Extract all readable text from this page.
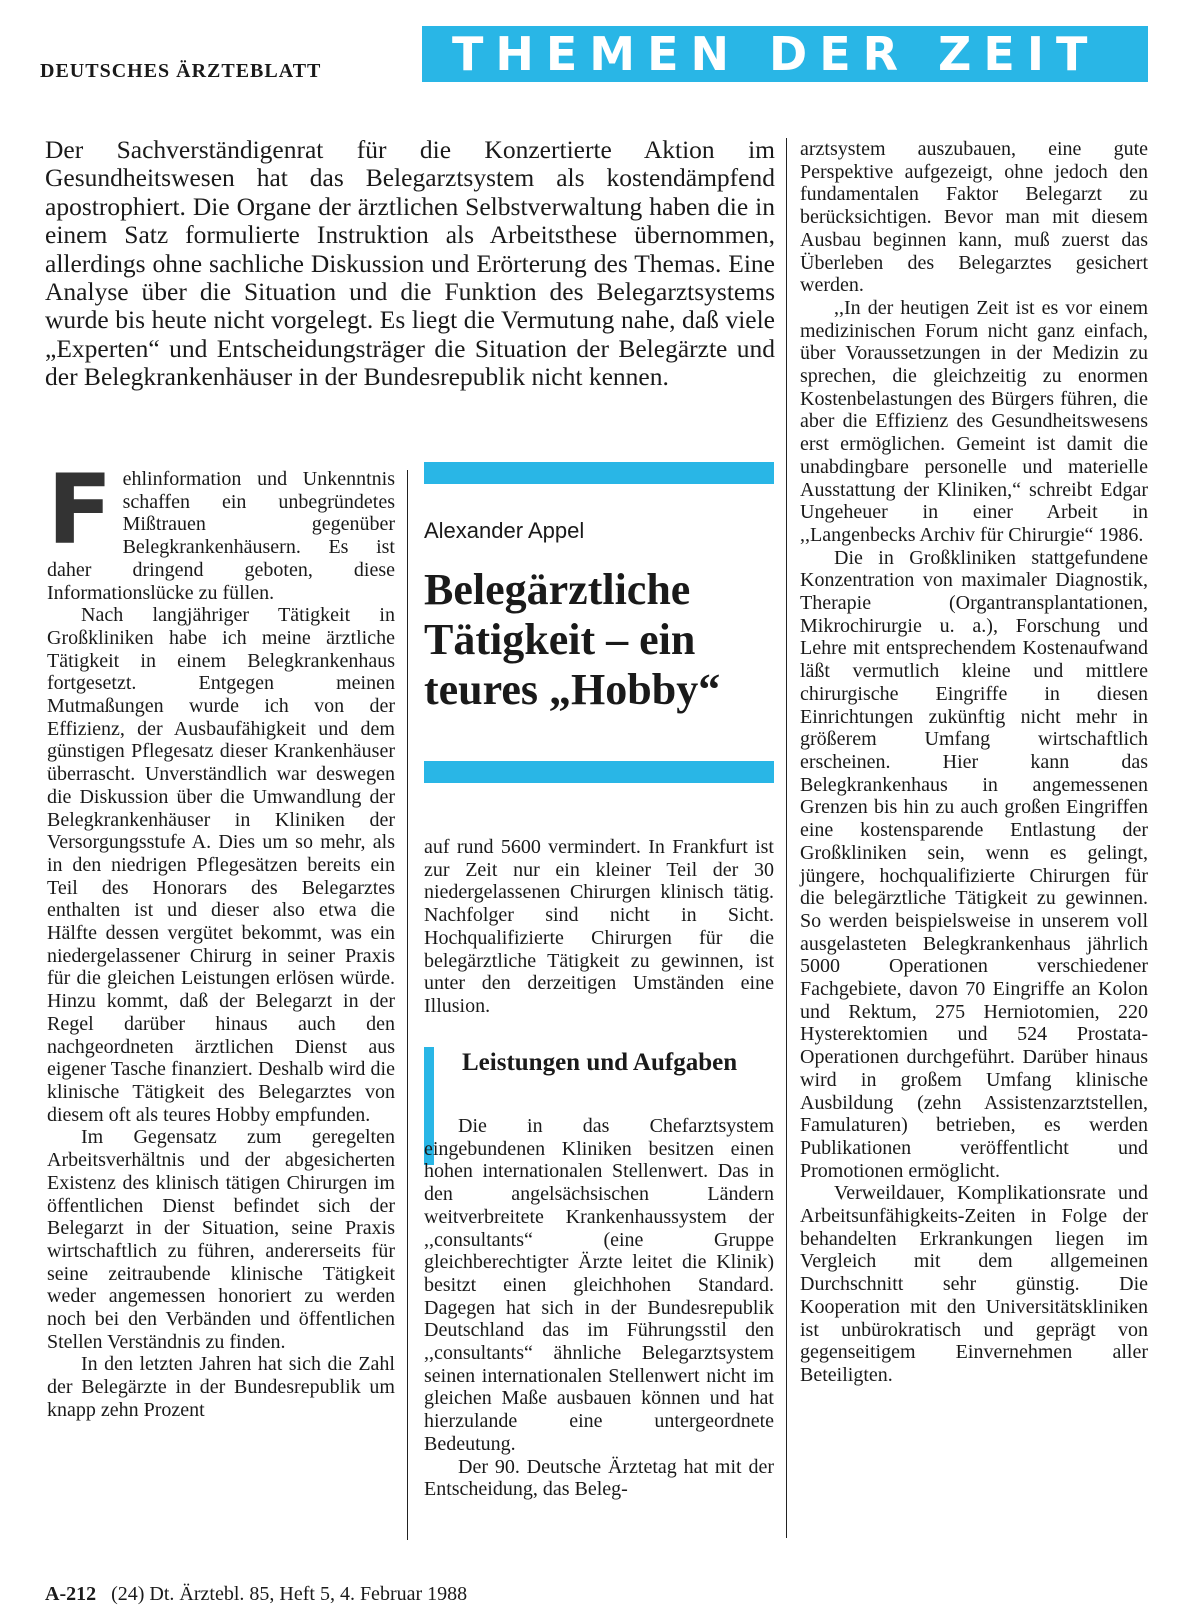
DEUTSCHES ÄRZTEBLATT	THEMEN DER ZEIT

Der Sachverständigenrat für die Konzertierte Aktion im Gesundheitswesen hat das Belegarztsystem als kostendämpfend apostrophiert. Die Organe der ärztlichen Selbstverwaltung haben die in einem Satz formulierte Instruktion als Arbeitsthese übernommen, allerdings ohne sachliche Diskussion und Erörterung des Themas. Eine Analyse über die Situation und die Funktion des Belegarztsystems wurde bis heute nicht vorgelegt. Es liegt die Vermutung nahe, daß viele „Experten“ und Entscheidungsträger die Situation der Belegärzte und der Belegkrankenhäuser in der Bundesrepublik nicht kennen.

Fehlinformation und Unkenntnis schaffen ein unbegründetes Mißtrauen gegenüber Belegkrankenhäusern. Es ist daher dringend geboten, diese Informationslücke zu füllen.

Nach langjähriger Tätigkeit in Großkliniken habe ich meine ärztliche Tätigkeit in einem Belegkrankenhaus fortgesetzt. Entgegen meinen Mutmaßungen wurde ich von der Effizienz, der Ausbaufähigkeit und dem günstigen Pflegesatz dieser Krankenhäuser überrascht. Unverständlich war deswegen die Diskussion über die Umwandlung der Belegkrankenhäuser in Kliniken der Versorgungsstufe A. Dies um so mehr, als in den niedrigen Pflegesätzen bereits ein Teil des Honorars des Belegarztes enthalten ist und dieser also etwa die Hälfte dessen vergütet bekommt, was ein niedergelassener Chirurg in seiner Praxis für die gleichen Leistungen erlösen würde. Hinzu kommt, daß der Belegarzt in der Regel darüber hinaus auch den nachgeordneten ärztlichen Dienst aus eigener Tasche finanziert. Deshalb wird die klinische Tätigkeit des Belegarztes von diesem oft als teures Hobby empfunden.

Im Gegensatz zum geregelten Arbeitsverhältnis und der abgesicherten Existenz des klinisch tätigen Chirurgen im öffentlichen Dienst befindet sich der Belegarzt in der Situation, seine Praxis wirtschaftlich zu führen, andererseits für seine zeitraubende klinische Tätigkeit weder angemessen honoriert zu werden noch bei den Verbänden und öffentlichen Stellen Verständnis zu finden.

In den letzten Jahren hat sich die Zahl der Belegärzte in der Bundesrepublik um knapp zehn Prozent

Alexander Appel
Belegärztliche Tätigkeit – ein teures „Hobby“

auf rund 5600 vermindert. In Frankfurt ist zur Zeit nur ein kleiner Teil der 30 niedergelassenen Chirurgen klinisch tätig. Nachfolger sind nicht in Sicht. Hochqualifizierte Chirurgen für die belegärztliche Tätigkeit zu gewinnen, ist unter den derzeitigen Umständen eine Illusion.

Leistungen und Aufgaben

Die in das Chefarztsystem eingebundenen Kliniken besitzen einen hohen internationalen Stellenwert. Das in den angelsächsischen Ländern weitverbreitete Krankenhaussystem der ,,consultants“ (eine Gruppe gleichberechtigter Ärzte leitet die Klinik) besitzt einen gleichhohen Standard. Dagegen hat sich in der Bundesrepublik Deutschland das im Führungsstil den ,,consultants“ ähnliche Belegarztsystem seinen internationalen Stellenwert nicht im gleichen Maße ausbauen können und hat hierzulande eine untergeordnete Bedeutung.

Der 90. Deutsche Ärztetag hat mit der Entscheidung, das Beleg-

arztsystem auszubauen, eine gute Perspektive aufgezeigt, ohne jedoch den fundamentalen Faktor Belegarzt zu berücksichtigen. Bevor man mit diesem Ausbau beginnen kann, muß zuerst das Überleben des Belegarztes gesichert werden.

,,In der heutigen Zeit ist es vor einem medizinischen Forum nicht ganz einfach, über Voraussetzungen in der Medizin zu sprechen, die gleichzeitig zu enormen Kostenbelastungen des Bürgers führen, die aber die Effizienz des Gesundheitswesens erst ermöglichen. Gemeint ist damit die unabdingbare personelle und materielle Ausstattung der Kliniken,“ schreibt Edgar Ungeheuer in einer Arbeit in ,,Langenbecks Archiv für Chirurgie“ 1986.

Die in Großkliniken stattgefundene Konzentration von maximaler Diagnostik, Therapie (Organtransplantationen, Mikrochirurgie u. a.), Forschung und Lehre mit entsprechendem Kostenaufwand läßt vermutlich kleine und mittlere chirurgische Eingriffe in diesen Einrichtungen zukünftig nicht mehr in größerem Umfang wirtschaftlich erscheinen. Hier kann das Belegkrankenhaus in angemessenen Grenzen bis hin zu auch großen Eingriffen eine kostensparende Entlastung der Großkliniken sein, wenn es gelingt, jüngere, hochqualifizierte Chirurgen für die belegärztliche Tätigkeit zu gewinnen. So werden beispielsweise in unserem voll ausgelasteten Belegkrankenhaus jährlich 5000 Operationen verschiedener Fachgebiete, davon 70 Eingriffe an Kolon und Rektum, 275 Herniotomien, 220 Hysterektomien und 524 Prostata-Operationen durchgeführt. Darüber hinaus wird in großem Umfang klinische Ausbildung (zehn Assistenzarztstellen, Famulaturen) betrieben, es werden Publikationen veröffentlicht und Promotionen ermöglicht.

Verweildauer, Komplikationsrate und Arbeitsunfähigkeits-Zeiten in Folge der behandelten Erkrankungen liegen im Vergleich mit dem allgemeinen Durchschnitt sehr günstig. Die Kooperation mit den Universitätskliniken ist unbürokratisch und geprägt von gegenseitigem Einvernehmen aller Beteiligten.

A-212 (24) Dt. Ärztebl. 85, Heft 5, 4. Februar 1988
